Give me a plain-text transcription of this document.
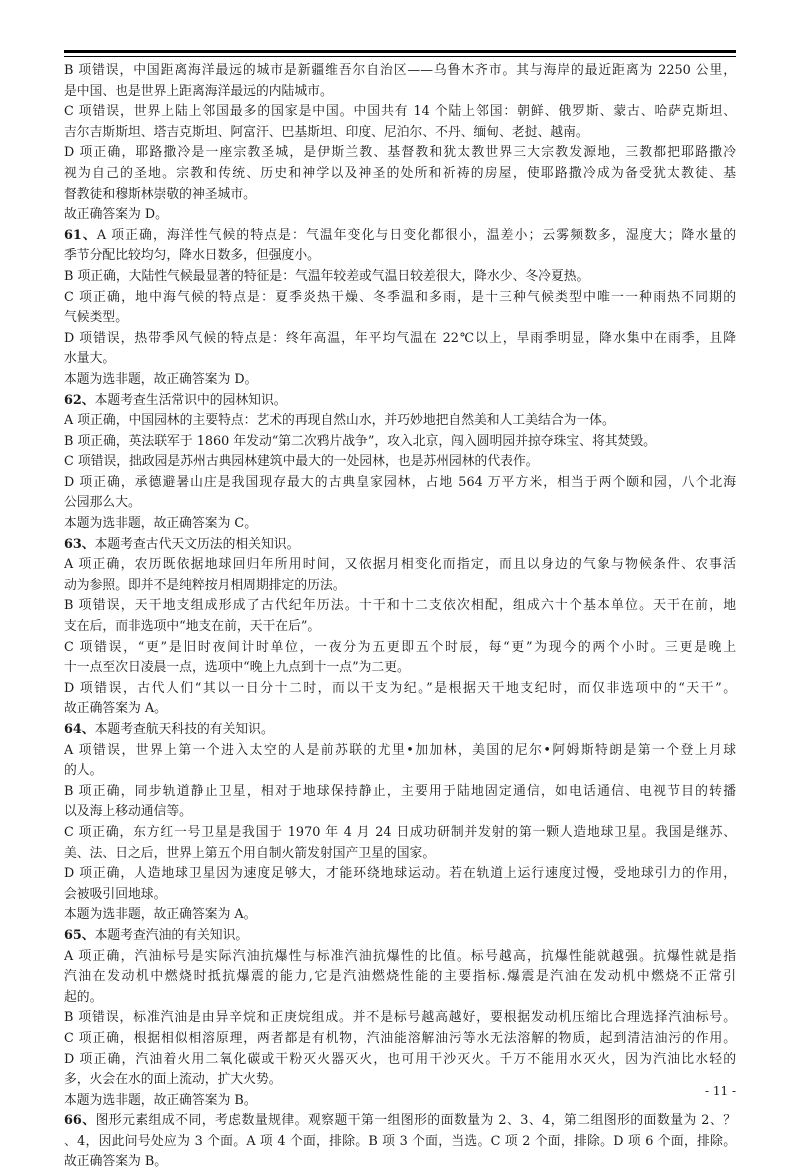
B 项错误，中国距离海洋最远的城市是新疆维吾尔自治区——乌鲁木齐市。其与海岸的最近距离为 2250 公里，
是中国、也是世界上距离海洋最远的内陆城市。
C 项错误，世界上陆上邻国最多的国家是中国。中国共有 14 个陆上邻国：朝鲜、俄罗斯、蒙古、哈萨克斯坦、
吉尔吉斯斯坦、塔吉克斯坦、阿富汗、巴基斯坦、印度、尼泊尔、不丹、缅甸、老挝、越南。
D 项正确，耶路撒冷是一座宗教圣城，是伊斯兰教、基督教和犹太教世界三大宗教发源地，三教都把耶路撒冷
视为自己的圣地。宗教和传统、历史和神学以及神圣的处所和祈祷的房屋，使耶路撒冷成为备受犹太教徒、基
督教徒和穆斯林崇敬的神圣城市。
故正确答案为 D。
61、A 项正确，海洋性气候的特点是：气温年变化与日变化都很小，温差小；云雾频数多，湿度大；降水量的
季节分配比较均匀，降水日数多，但强度小。
B 项正确，大陆性气候最显著的特征是：气温年较差或气温日较差很大，降水少、冬冷夏热。
C 项正确，地中海气候的特点是：夏季炎热干燥、冬季温和多雨，是十三种气候类型中唯一一种雨热不同期的
气候类型。
D 项错误，热带季风气候的特点是：终年高温，年平均气温在 22℃以上，旱雨季明显，降水集中在雨季，且降
水量大。
本题为选非题，故正确答案为 D。
62、本题考查生活常识中的园林知识。
A 项正确，中国园林的主要特点：艺术的再现自然山水，并巧妙地把自然美和人工美结合为一体。
B 项正确，英法联军于 1860 年发动“第二次鸦片战争”，攻入北京，闯入圆明园并掠夺珠宝、将其焚毁。
C 项错误，拙政园是苏州古典园林建筑中最大的一处园林，也是苏州园林的代表作。
D 项正确，承德避暑山庄是我国现存最大的古典皇家园林，占地 564 万平方米，相当于两个颐和园，八个北海
公园那么大。
本题为选非题，故正确答案为 C。
63、本题考查古代天文历法的相关知识。
A 项正确，农历既依据地球回归年所用时间，又依据月相变化而指定，而且以身边的气象与物候条件、农事活
动为参照。即并不是纯粹按月相周期排定的历法。
B 项错误，天干地支组成形成了古代纪年历法。十干和十二支依次相配，组成六十个基本单位。天干在前，地
支在后，而非选项中“地支在前，天干在后”。
C 项错误，“更”是旧时夜间计时单位，一夜分为五更即五个时辰，每“更”为现今的两个小时。三更是晚上
十一点至次日凌晨一点，选项中“晚上九点到十一点”为二更。
D 项错误，古代人们“其以一日分十二时，而以干支为纪。”是根据天干地支纪时，而仅非选项中的“天干”。
故正确答案为 A。
64、本题考查航天科技的有关知识。
A 项错误，世界上第一个进入太空的人是前苏联的尤里•加加林，美国的尼尔•阿姆斯特朗是第一个登上月球
的人。
B 项正确，同步轨道静止卫星，相对于地球保持静止，主要用于陆地固定通信，如电话通信、电视节目的转播
以及海上移动通信等。
C 项正确，东方红一号卫星是我国于 1970 年 4 月 24 日成功研制并发射的第一颗人造地球卫星。我国是继苏、
美、法、日之后，世界上第五个用自制火箭发射国产卫星的国家。
D 项正确，人造地球卫星因为速度足够大，才能环绕地球运动。若在轨道上运行速度过慢，受地球引力的作用，
会被吸引回地球。
本题为选非题，故正确答案为 A。
65、本题考查汽油的有关知识。
A 项正确，汽油标号是实际汽油抗爆性与标准汽油抗爆性的比值。标号越高，抗爆性能就越强。抗爆性就是指
汽油在发动机中燃烧时抵抗爆震的能力,它是汽油燃烧性能的主要指标.爆震是汽油在发动机中燃烧不正常引
起的。
B 项错误，标准汽油是由异辛烷和正庚烷组成。并不是标号越高越好，要根据发动机压缩比合理选择汽油标号。
C 项正确，根据相似相溶原理，两者都是有机物，汽油能溶解油污等水无法溶解的物质，起到清洁油污的作用。
D 项正确，汽油着火用二氧化碳或干粉灭火器灭火，也可用干沙灭火。千万不能用水灭火，因为汽油比水轻的
多，火会在水的面上流动，扩大火势。
本题为选非题，故正确答案为 B。
66、图形元素组成不同，考虑数量规律。观察题干第一组图形的面数量为 2、3、4，第二组图形的面数量为 2、？
、4，因此问号处应为 3 个面。A 项 4 个面，排除。B 项 3 个面，当选。C 项 2 个面，排除。D 项 6 个面，排除。
故正确答案为 B。
- 11 -
